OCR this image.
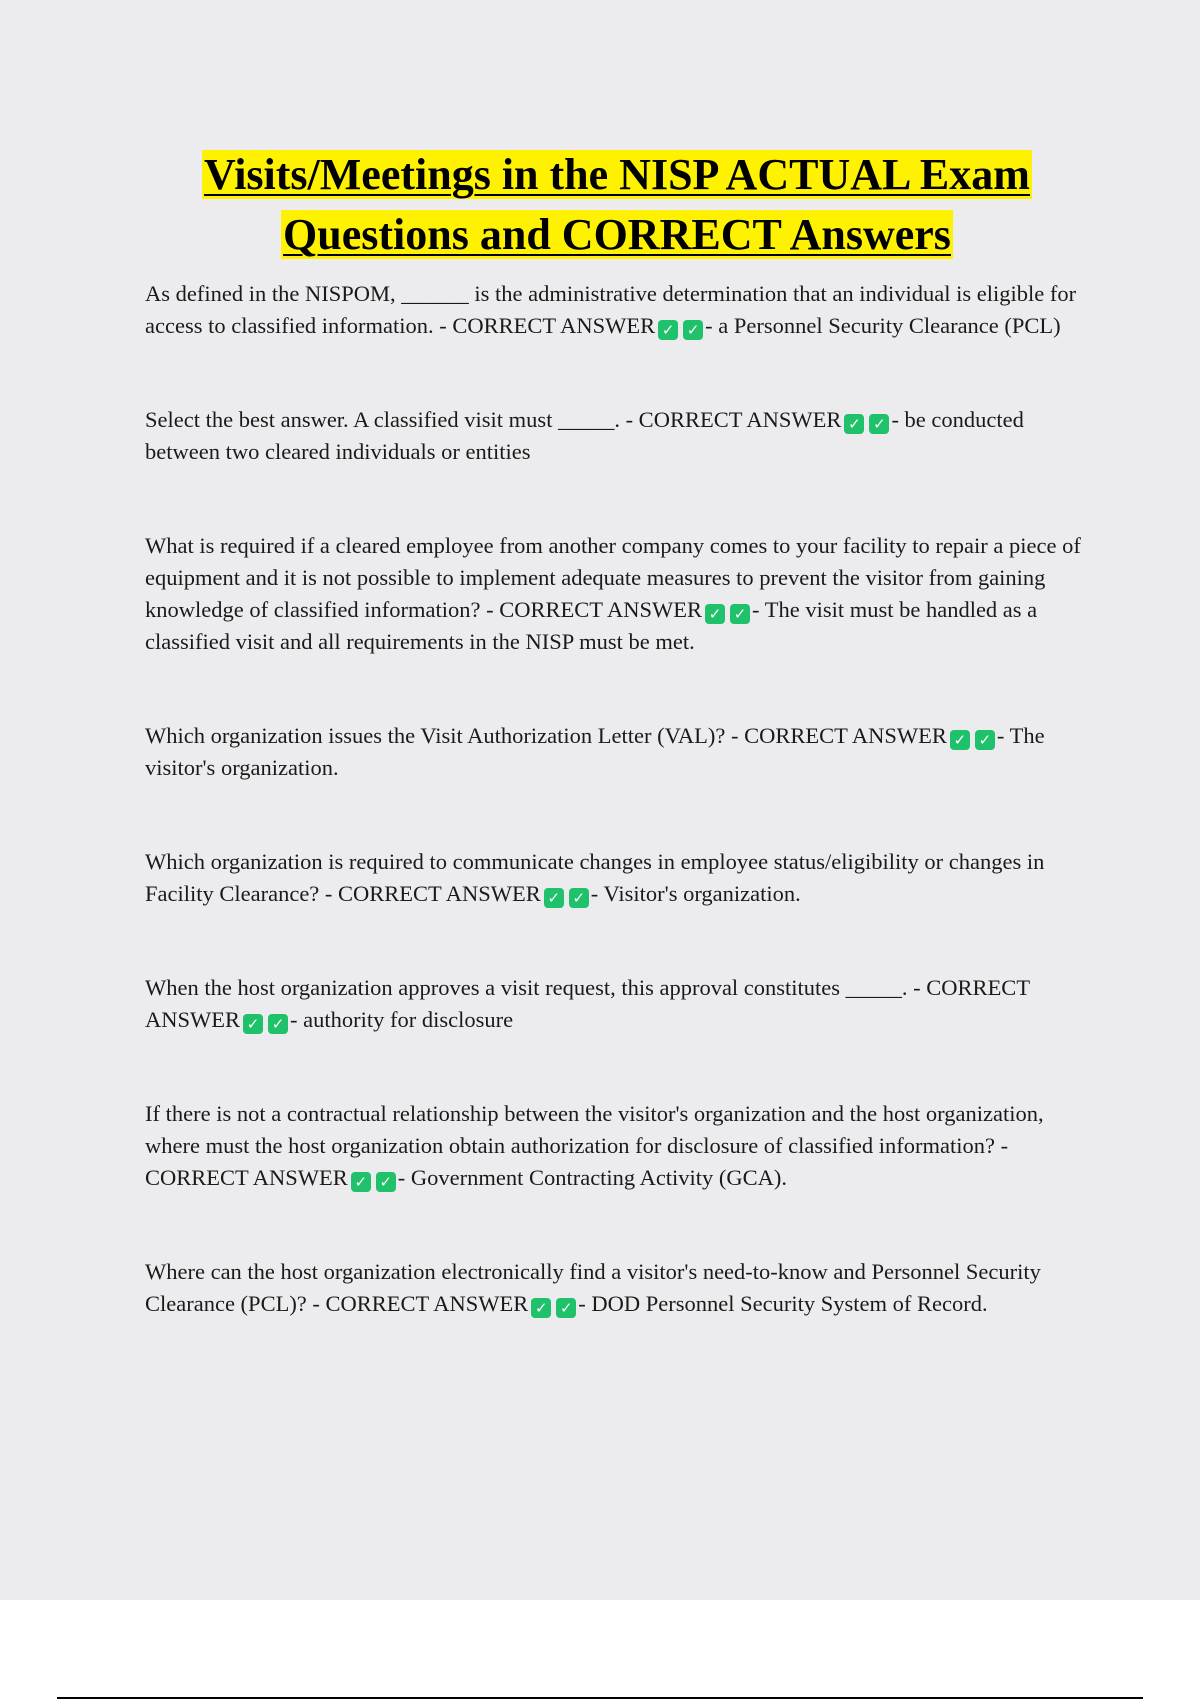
Visits/Meetings in the NISP ACTUAL Exam
Questions and CORRECT Answers

As defined in the NISPOM, ______ is the administrative determination that an individual is eligible for access to classified information. - CORRECT ANSWER ✓ ✓ - a Personnel Security Clearance (PCL)

Select the best answer. A classified visit must _____. - CORRECT ANSWER ✓ ✓ - be conducted between two cleared individuals or entities

What is required if a cleared employee from another company comes to your facility to repair a piece of equipment and it is not possible to implement adequate measures to prevent the visitor from gaining knowledge of classified information? - CORRECT ANSWER ✓ ✓ - The visit must be handled as a classified visit and all requirements in the NISP must be met.

Which organization issues the Visit Authorization Letter (VAL)? - CORRECT ANSWER ✓ ✓ - The visitor's organization.

Which organization is required to communicate changes in employee status/eligibility or changes in Facility Clearance? - CORRECT ANSWER ✓ ✓ - Visitor's organization.

When the host organization approves a visit request, this approval constitutes _____. - CORRECT ANSWER ✓ ✓ - authority for disclosure

If there is not a contractual relationship between the visitor's organization and the host organization, where must the host organization obtain authorization for disclosure of classified information? - CORRECT ANSWER ✓ ✓ - Government Contracting Activity (GCA).

Where can the host organization electronically find a visitor's need-to-know and Personnel Security Clearance (PCL)? - CORRECT ANSWER ✓ ✓ - DOD Personnel Security System of Record.
